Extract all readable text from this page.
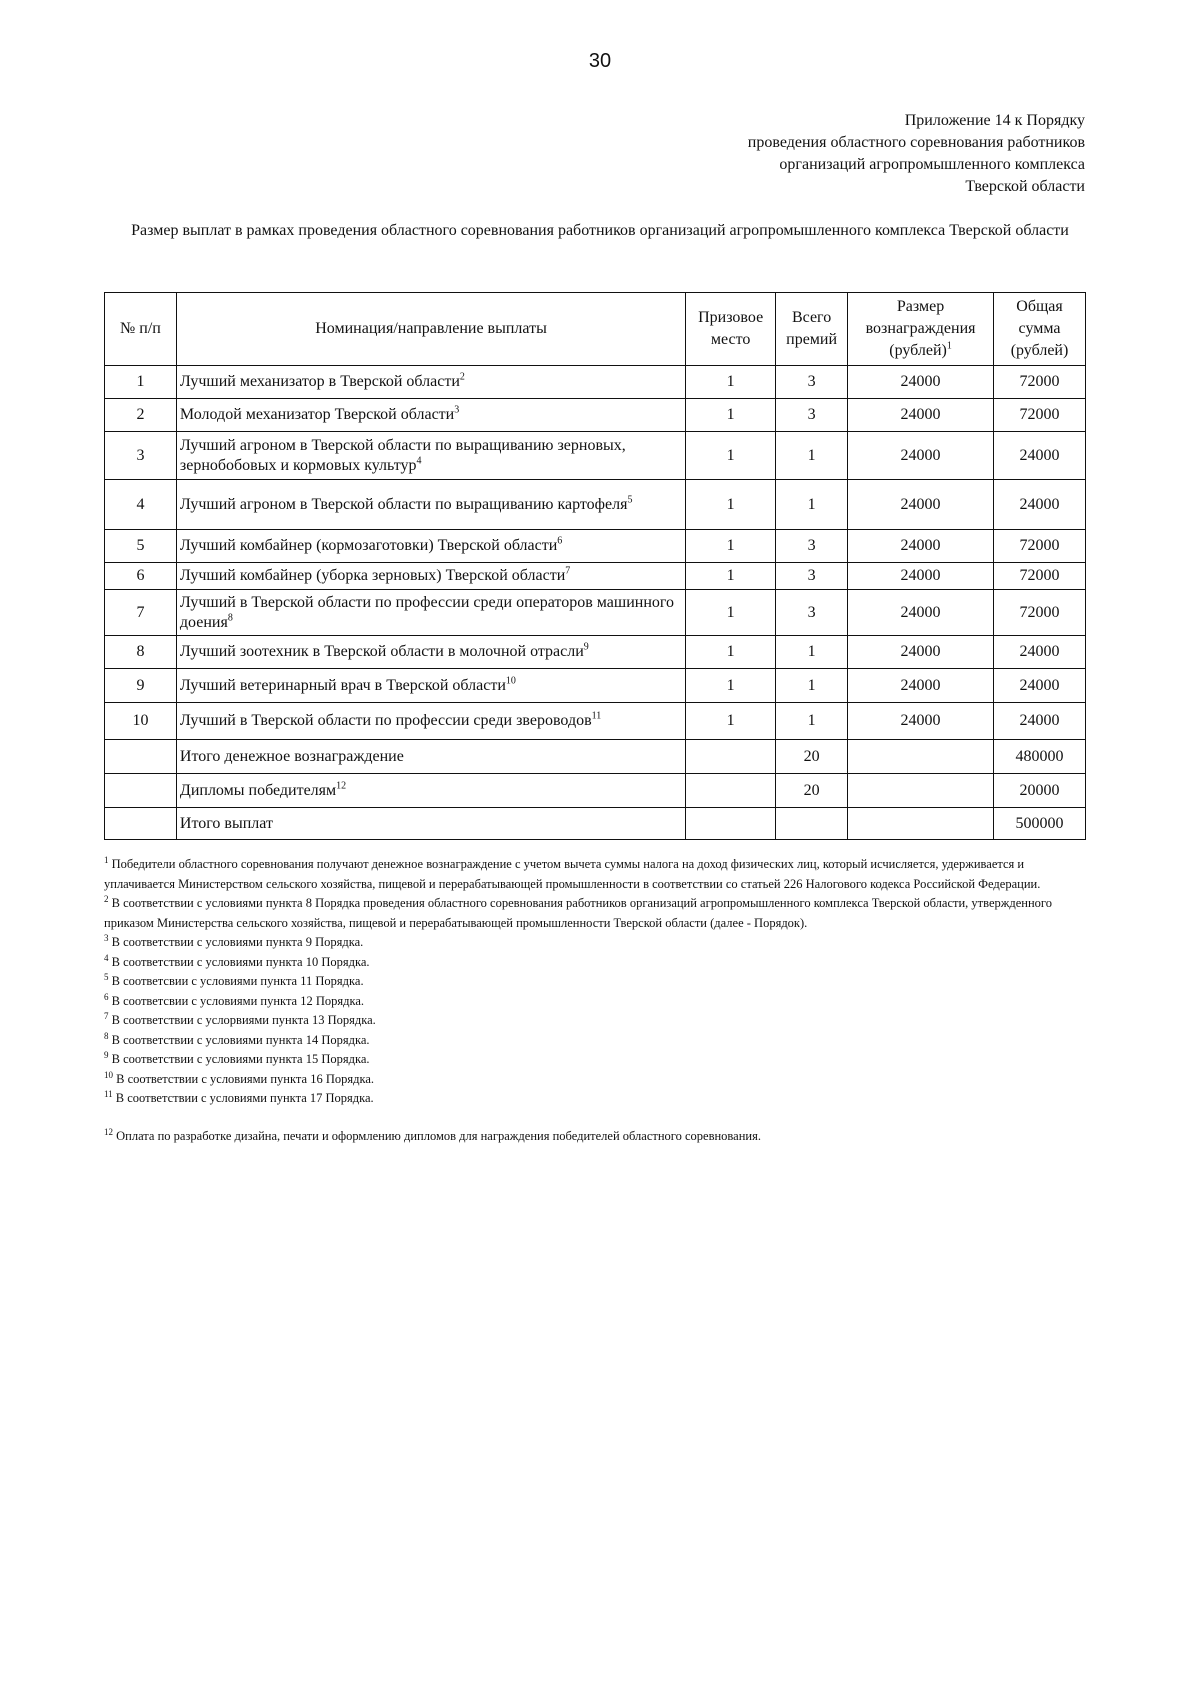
30
Приложение 14 к Порядку
проведения областного соревнования работников
организаций агропромышленного комплекса
Тверской области
Размер выплат в рамках проведения областного соревнования работников организаций агропромышленного комплекса Тверской области
№ п/п	Номинация/направление выплаты	Призовое место	Всего премий	Размер вознаграждения (рублей)$^1$	Общая сумма (рублей)
1	Лучший механизатор в Тверской области$^2$	1	3	24000	72000
2	Молодой механизатор Тверской области$^3$	1	3	24000	72000
3	Лучший агроном в Тверской области по выращиванию зерновых, зернобобовых и кормовых культур$^4$	1	1	24000	24000
4	Лучший агроном в Тверской области по выращиванию картофеля$^5$	1	1	24000	24000
5	Лучший комбайнер (кормозаготовки) Тверской области$^6$	1	3	24000	72000
6	Лучший комбайнер (уборка зерновых) Тверской области$^7$	1	3	24000	72000
7	Лучший в Тверской области по профессии среди операторов машинного доения$^8$	1	3	24000	72000
8	Лучший зоотехник в Тверской области в молочной отрасли$^9$	1	1	24000	24000
9	Лучший ветеринарный врач в Тверской области$^{10}$	1	1	24000	24000
10	Лучший в Тверской области по профессии среди звероводов$^{11}$	1	1	24000	24000
	Итого денежное вознаграждение		20		480000
	Дипломы победителям$^{12}$		20		20000
	Итого выплат				500000

$^1$ Победители областного соревнования получают денежное вознаграждение с учетом вычета суммы налога на доход физических лиц, который исчисляется, удерживается и уплачивается Министерством сельского хозяйства, пищевой и перерабатывающей промышленности в соответствии со статьей 226 Налогового кодекса Российской Федерации.

$^2$ В соответствии с условиями пункта 8 Порядка проведения областного соревнования работников организаций агропромышленного комплекса Тверской области, утвержденного приказом Министерства сельского хозяйства, пищевой и перерабатывающей промышленности Тверской области (далее - Порядок).

$^3$ В соответствии с условиями пункта 9 Порядка.

$^4$ В соответствии с условиями пункта 10 Порядка.

$^5$ В соответсвии с условиями пункта 11 Порядка.

$^6$ В соответсвии с условиями пункта 12 Порядка.

$^7$ В соответствии с услорвиями пункта 13 Порядка.

$^8$ В соответствии с условиями пункта 14 Порядка.

$^9$ В соответствии с условиями пункта 15 Порядка.

$^{10}$ В соответствии с условиями пункта 16 Порядка.

$^{11}$ В соответствии с условиями пункта 17 Порядка.

$^{12}$ Оплата по разработке дизайна, печати и оформлению дипломов для награждения победителей областного соревнования.
